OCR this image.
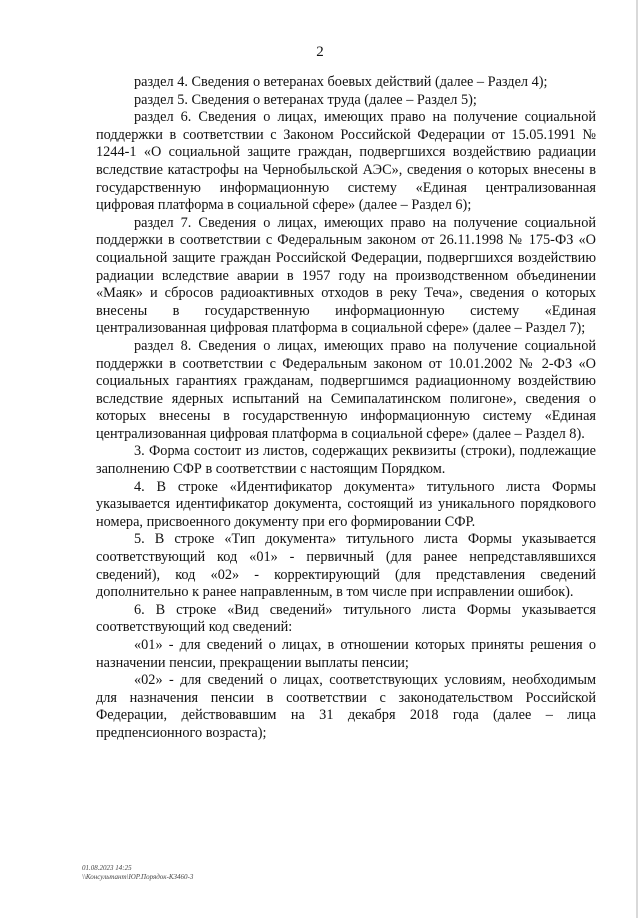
2

раздел 4. Сведения о ветеранах боевых действий (далее – Раздел 4);

раздел 5. Сведения о ветеранах труда (далее – Раздел 5);

раздел 6. Сведения о лицах, имеющих право на получение социальной поддержки в соответствии с Законом Российской Федерации от 15.05.1991 № 1244-1 «О социальной защите граждан, подвергшихся воздействию радиации вследствие катастрофы на Чернобыльской АЭС», сведения о которых внесены в государственную информационную систему «Единая централизованная цифровая платформа в социальной сфере» (далее – Раздел 6);

раздел 7. Сведения о лицах, имеющих право на получение социальной поддержки в соответствии с Федеральным законом от 26.11.1998 № 175-ФЗ «О социальной защите граждан Российской Федерации, подвергшихся воздействию радиации вследствие аварии в 1957 году на производственном объединении «Маяк» и сбросов радиоактивных отходов в реку Теча», сведения о которых внесены в государственную информационную систему «Единая централизованная цифровая платформа в социальной сфере» (далее – Раздел 7);

раздел 8. Сведения о лицах, имеющих право на получение социальной поддержки в соответствии с Федеральным законом от 10.01.2002 № 2-ФЗ «О социальных гарантиях гражданам, подвергшимся радиационному воздействию вследствие ядерных испытаний на Семипалатинском полигоне», сведения о которых внесены в государственную информационную систему «Единая централизованная цифровая платформа в социальной сфере» (далее – Раздел 8).

3. Форма состоит из листов, содержащих реквизиты (строки), подлежащие заполнению СФР в соответствии с настоящим Порядком.

4. В строке «Идентификатор документа» титульного листа Формы указывается идентификатор документа, состоящий из уникального порядкового номера, присвоенного документу при его формировании СФР.

5. В строке «Тип документа» титульного листа Формы указывается соответствующий код «01» - первичный (для ранее непредставлявшихся сведений), код «02» - корректирующий (для представления сведений дополнительно к ранее направленным, в том числе при исправлении ошибок).

6. В строке «Вид сведений» титульного листа Формы указывается соответствующий код сведений:

«01» - для сведений о лицах, в отношении которых приняты решения о назначении пенсии, прекращении выплаты пенсии;

«02» - для сведений о лицах, соответствующих условиям, необходимым для назначения пенсии в соответствии с законодательством Российской Федерации, действовавшим на 31 декабря 2018 года (далее – лица предпенсионного возраста);

01.08.2023 14:25
\\Консультант\ЮР.Порядок-КЗ460-3
